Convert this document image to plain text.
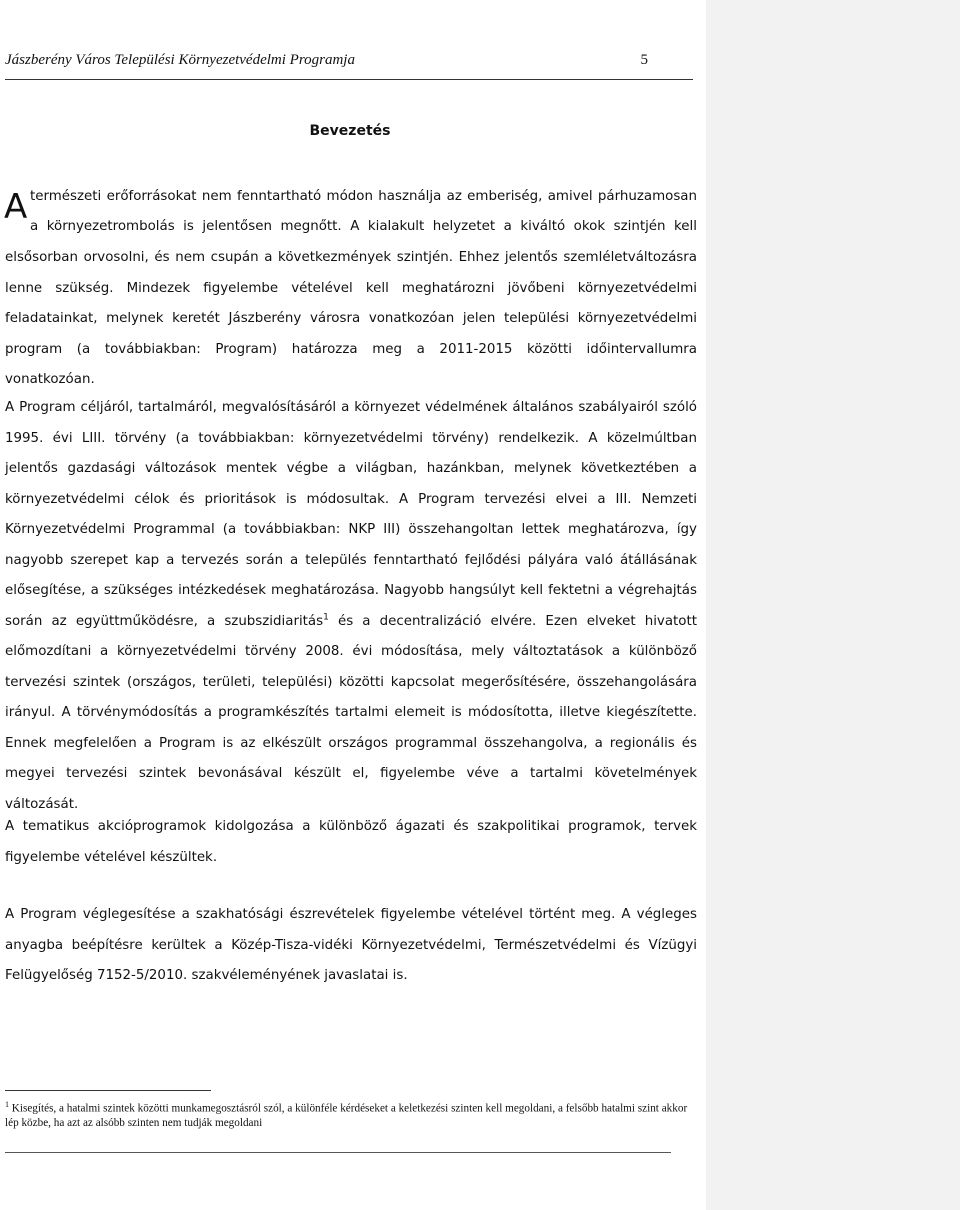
Jászberény Város Települési Környezetvédelmi Programja	5
Bevezetés
A természeti erőforrásokat nem fenntartható módon használja az emberiség, amivel párhuzamosan
a környezetrombolás is jelentősen megnőtt. A kialakult helyzetet a kiváltó okok szintjén kell
elsősorban orvosolni, és nem csupán a következmények szintjén. Ehhez jelentős szemléletváltozásra lenne szükség. Mindezek figyelembe vételével kell meghatározni jövőbeni környezetvédelmi feladatainkat, melynek keretét Jászberény városra vonatkozóan jelen települési környezetvédelmi program (a továbbiakban: Program) határozza meg a 2011-2015 közötti időintervallumra vonatkozóan.
A Program céljáról, tartalmáról, megvalósításáról a környezet védelmének általános szabályairól szóló 1995. évi LIII. törvény (a továbbiakban: környezetvédelmi törvény) rendelkezik. A közelmúltban jelentős gazdasági változások mentek végbe a világban, hazánkban, melynek következtében a környezetvédelmi célok és prioritások is módosultak. A Program tervezési elvei a III. Nemzeti Környezetvédelmi Programmal (a továbbiakban: NKP III) összehangoltan lettek meghatározva, így nagyobb szerepet kap a tervezés során a település fenntartható fejlődési pályára való átállásának elősegítése, a szükséges intézkedések meghatározása. Nagyobb hangsúlyt kell fektetni a végrehajtás során az együttműködésre, a szubszidiaritás$^1$ és a decentralizáció elvére. Ezen elveket hivatott előmozdítani a környezetvédelmi törvény 2008. évi módosítása, mely változtatások a különböző tervezési szintek (országos, területi, települési) közötti kapcsolat megerősítésére, összehangolására irányul. A törvénymódosítás a programkészítés tartalmi elemeit is módosította, illetve kiegészítette. Ennek megfelelően a Program is az elkészült országos programmal összehangolva, a regionális és megyei tervezési szintek bevonásával készült el, figyelembe véve a tartalmi követelmények változását.
A tematikus akcióprogramok kidolgozása a különböző ágazati és szakpolitikai programok, tervek figyelembe vételével készültek.
A Program véglegesítése a szakhatósági észrevételek figyelembe vételével történt meg. A végleges anyagba beépítésre kerültek a Közép-Tisza-vidéki Környezetvédelmi, Természetvédelmi és Vízügyi Felügyelőség 7152-5/2010. szakvéleményének javaslatai is.
$^1$ Kisegítés, a hatalmi szintek közötti munkamegosztásról szól, a különféle kérdéseket a keletkezési szinten kell megoldani, a felsőbb hatalmi szint akkor lép közbe, ha azt az alsóbb szinten nem tudják megoldani
